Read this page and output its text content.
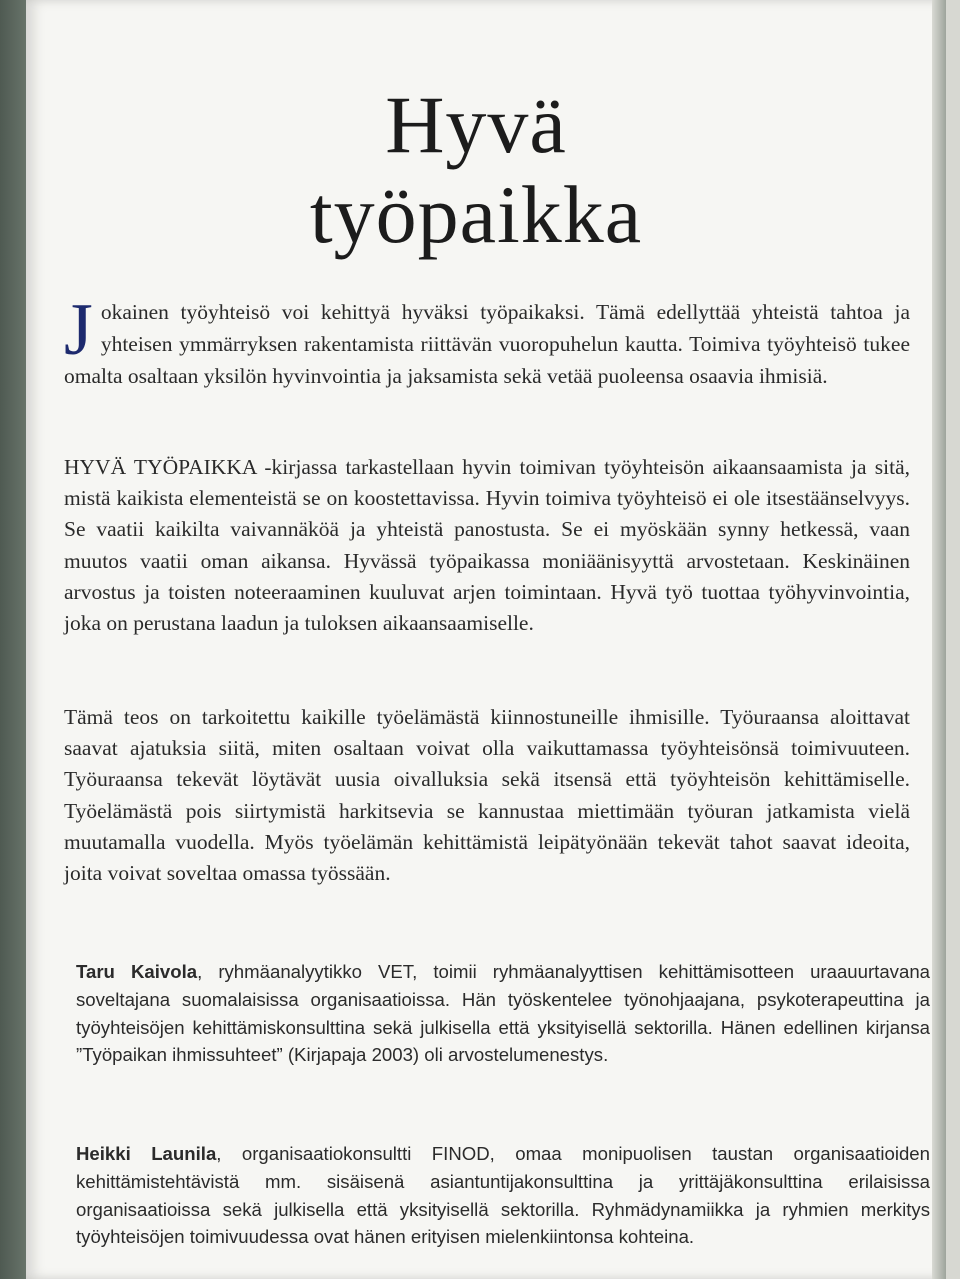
Hyvä
työpaikka
Jokainen työyhteisö voi kehittyä hyväksi työpaikaksi. Tämä edellyttää yhteistä tahtoa ja yhteisen ymmärryksen rakentamista riittävän vuoropuhelun kautta. Toimiva työyhteisö tukee omalta osaltaan yksilön hyvinvointia ja jaksamista sekä vetää puoleensa osaavia ihmisiä.
HYVÄ TYÖPAIKKA -kirjassa tarkastellaan hyvin toimivan työyhteisön aikaansaamista ja sitä, mistä kaikista elementeistä se on koostettavissa. Hyvin toimiva työyhteisö ei ole itsestäänselvyys. Se vaatii kaikilta vaivannäköä ja yhteistä panostusta. Se ei myöskään synny hetkessä, vaan muutos vaatii oman aikansa. Hyvässä työpaikassa moniäänisyyttä arvostetaan. Keskinäinen arvostus ja toisten noteeraaminen kuuluvat arjen toimintaan. Hyvä työ tuottaa työhyvinvointia, joka on perustana laadun ja tuloksen aikaansaamiselle.
Tämä teos on tarkoitettu kaikille työelämästä kiinnostuneille ihmisille. Työuraansa aloittavat saavat ajatuksia siitä, miten osaltaan voivat olla vaikuttamassa työyhteisönsä toimivuuteen. Työuraansa tekevät löytävät uusia oivalluksia sekä itsensä että työyhteisön kehittämiselle. Työelämästä pois siirtymistä harkitsevia se kannustaa miettimään työuran jatkamista vielä muutamalla vuodella. Myös työelämän kehittämistä leipätyönään tekevät tahot saavat ideoita, joita voivat soveltaa omassa työssään.
Taru Kaivola, ryhmäanalyytikko VET, toimii ryhmäanalyyttisen kehittämisotteen uraauurtavana soveltajana suomalaisissa organisaatioissa. Hän työskentelee työnohjaajana, psykoterapeuttina ja työyhteisöjen kehittämiskonsulttina sekä julkisella että yksityisellä sektorilla. Hänen edellinen kirjansa ”Työpaikan ihmissuhteet” (Kirjapaja 2003) oli arvostelumenestys.
Heikki Launila, organisaatiokonsultti FINOD, omaa monipuolisen taustan organisaatioiden kehittämistehtävistä mm. sisäisenä asiantuntijakonsulttina ja yrittäjäkonsulttina erilaisissa organisaatioissa sekä julkisella että yksityisellä sektorilla. Ryhmädynamiikka ja ryhmien merkitys työyhteisöjen toimivuudessa ovat hänen erityisen mielenkiintonsa kohteina.
